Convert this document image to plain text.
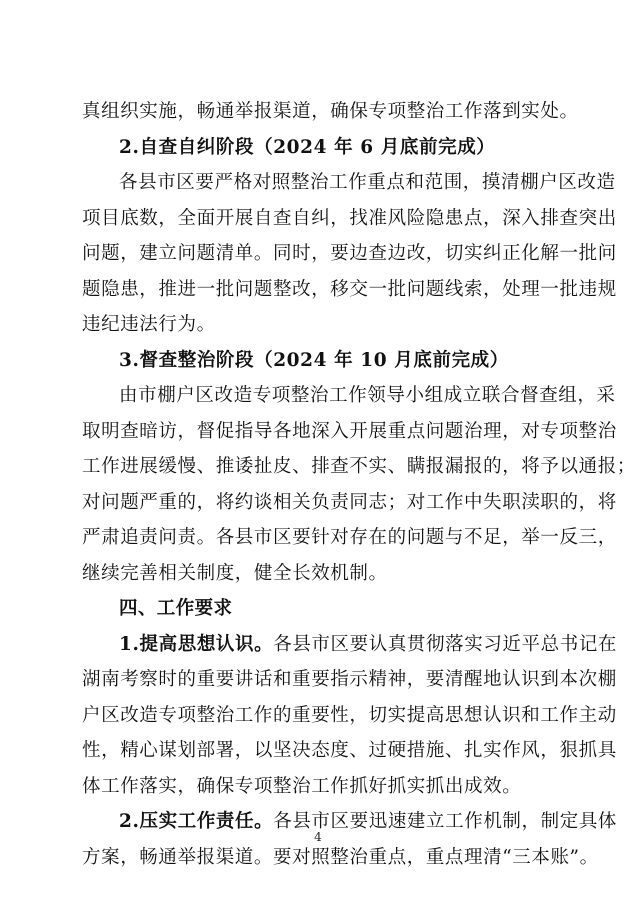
真组织实施，畅通举报渠道，确保专项整治工作落到实处。
2.自查自纠阶段（2024 年 6 月底前完成）
各县市区要严格对照整治工作重点和范围，摸清棚户区改造
项目底数，全面开展自查自纠，找准风险隐患点，深入排查突出
问题，建立问题清单。同时，要边查边改，切实纠正化解一批问
题隐患，推进一批问题整改，移交一批问题线索，处理一批违规
违纪违法行为。
3.督查整治阶段（2024 年 10 月底前完成）
由市棚户区改造专项整治工作领导小组成立联合督查组，采
取明查暗访，督促指导各地深入开展重点问题治理，对专项整治
工作进展缓慢、推诿扯皮、排查不实、瞒报漏报的，将予以通报；
对问题严重的，将约谈相关负责同志；对工作中失职渎职的，将
严肃追责问责。各县市区要针对存在的问题与不足，举一反三，
继续完善相关制度，健全长效机制。
四、工作要求
1.提高思想认识。各县市区要认真贯彻落实习近平总书记在
湖南考察时的重要讲话和重要指示精神，要清醒地认识到本次棚
户区改造专项整治工作的重要性，切实提高思想认识和工作主动
性，精心谋划部署，以坚决态度、过硬措施、扎实作风，狠抓具
体工作落实，确保专项整治工作抓好抓实抓出成效。
2.压实工作责任。各县市区要迅速建立工作机制，制定具体
方案，畅通举报渠道。要对照整治重点，重点理清“三本账”。
4
